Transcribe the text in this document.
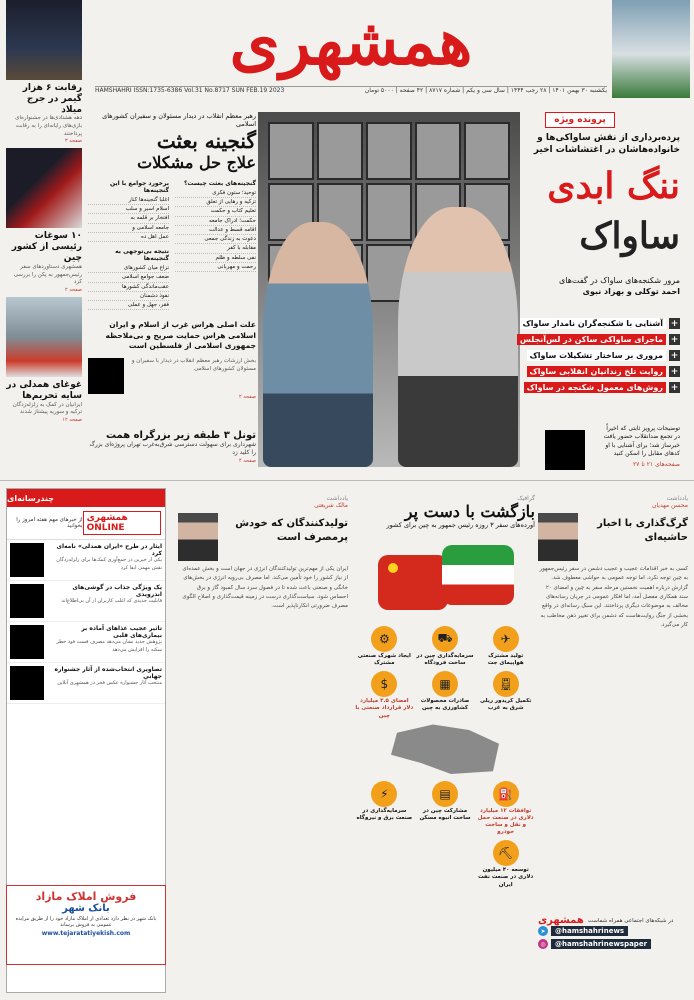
همشهری
HAMSHAHRI ISSN:1735-6386 Vol.31 No.8717 SUN FEB.19 2023	یکشنبه ۳۰ بهمن ۱۴۰۱ | ۲۸ رجب ۱۴۴۴ | سال سی و یکم | شماره ۸۷۱۷ | ۴۲ صفحه | ۵۰۰۰ تومان
رقابت ۶ هزار گیمر در جرج میلاد
دهه هشتادی‌ها در جشنواره‌ای بازی‌های رایانه‌ای را به رقابت پرداختند
صفحه ۳
۱۰ سوغات رئیسی از کشور چین
همشهری دستاوردهای سفر رئیس‌جمهور به پکن را بررسی کرد
صفحه ۲
غوغای همدلی در سایه تحریم‌ها
ایرانیان در کمک به زلزله‌زدگان ترکیه و سوریه پیشتاز شدند
صفحه ۱۲
پرونده ویژه
پرده‌برداری از نقش ساواکی‌ها و خانواده‌هاشان در اغتشاشات اخیر
ننگ ابدی
ساواک
مرور شکنجه‌های ساواک در گفت‌های
احمد توکلی و بهزاد نبوی
+
آشنایی با شکنجه‌گران نامدار ساواک
+
ماجرای ساواکی ساکن در لس‌آنجلس
+
مروری بر ساختار تشکیلات ساواک
+
روایت تلخ زندانیان انقلابی ساواک
+
روش‌های معمول شکنجه در ساواک
توضیحات پرویز ثابتی که اخیراً در تجمع ضدانقلاب حضور یافت خبرساز شد؛ برای آشنایی با او کدهای مقابل را اسکن کنید
صفحه‌های ۲۱ تا ۲۷
رهبر معظم انقلاب در دیدار مسئولان و سفیران کشورهای اسلامی
گنجینه بعثت
علاج حل مشکلات
گنجینه‌های بعثت چیست؟
توحید؛ ستون فکری
تزکیه و رهایی از تعلق
تعلیم کتاب و حکمت
حکمت؛ ادراک جامعه
اقامه قسط و عدالت
دعوت به زندگی جمعی
مقابله با کفر
نفی سلطه و ظلم
رحمت و مهربانی
برخورد جوامع با این گنجینه‌ها
اغلبا گنجینه‌ها کنار
اسلام اسیر و سلب
افتخار بر قلمه به
جامعه اسلامی و
عمل اهل ده
نتیجه بی‌توجهی به گنجینه‌ها
نزاع میان کشورهای
ضعف جوامع اسلامی
عقب‌ماندگی کشورها
نفوذ دشمنان
فقر، جهل و عملی
علت اصلی هراس غرب از اسلام و ایران اسلامی هراس حمایت صریح و بی‌ملاحظه جمهوری اسلامی از فلسطین است
بخش ارزشات رهبر معظم انقلاب در دیدار با سفیران و مسئولان کشورهای اسلامی
صفحه ۲
تونل ۳ طبقه زیر بزرگراه همت
شهرداری برای سهولت دسترسی شرق‌به‌غرب تهران پروژه‌ای بزرگ را کلید زد
صفحه ۴
یادداشت
محسن مهدیان
گرگ‌گذاری با اخبار حاشیه‌ای
کسی به خبر اقدامات عجیب و عجیب دشمن در سفر رئیس‌جمهور به چین توجه نکرد. اما توجه عمومی به حواشی معطوف شد. گزارش درباره اهمیت نخستین مرحله سفر به چین و امضای ۲۰ سند همکاری مفصل آمد، اما افکار عمومی در جریان رسانه‌های مخالف به موضوعات دیگری پرداختند. این سبک رسانه‌ای در واقع بخشی از جنگ روایت‌هاست که دشمن برای تغییر ذهن مخاطب به کار می‌گیرد.
یادداشت
مالک شریعتی
تولیدکنندگان که خودش پرمصرف است
ایران یکی از مهم‌ترین تولیدکنندگان انرژی در جهان است و بخش عمده‌ای از نیاز کشور را خود تأمین می‌کند. اما مصرف بی‌رویه انرژی در بخش‌های خانگی و صنعتی باعث شده تا در فصول سرد سال کمبود گاز و برق احساس شود. سیاست‌گذاری درست در زمینه قیمت‌گذاری و اصلاح الگوی مصرف ضرورتی انکارناپذیر است.
گرافیک
بازگشت با دست پر
آورده‌های سفر ۳ روزه رئیس جمهور به چین برای کشور
✈
تولید مشترک هواپیمای جت
⛟
سرمایه‌گذاری چین در ساخت فرودگاه
⚙
ایجاد شهرک صنعتی مشترک
🚆︎
تکمیل کریدور ریلی شرق به غرب
▦
صادرات محصولات کشاورزی به چین
$
امضای ۳.۵ میلیارد دلار قرارداد صنعتی با چین
⛽
توافقات ۱۲ میلیارد دلاری در صنعت حمل و نقل و ساخت خودرو
▤
مشارکت چین در ساخت انبوه مسکن
⚡
سرمایه‌گذاری در صنعت برق و نیروگاه
⛏
توسعه ۴۰ میلیون دلاری در صنعت نفت ایران
چندرسانه‌ای
همشهری ONLINE
از خبرهای مهم هفته امروز را بخوانید
ایثار در طرح «ایران همدلی» نامه‌ای کرد
یکی از خیرین در جمع‌آوری کمک‌ها برای زلزله‌زدگان نقش مهمی ایفا کرد
یک ویژگی جذاب در گوشی‌های اندرویدی
قابلیت جدیدی که اغلب کاربران از آن بی‌اطلاع‌اند
تاثیر عجیب غذاهای آماده بر بیماری‌های قلبی
پژوهش جدید نشان می‌دهد مصرف فست فود خطر سکته را افزایش می‌دهد
تصاویری انتخاب‌شده از آثار جشنواره جهانی
منتخب آثار جشنواره عکس فجر در همشهری آنلاین
فروش املاک مازاد
بانک شهر
بانک شهر در نظر دارد تعدادی از املاک مازاد خود را از طریق مزایده عمومی به فروش برساند
www.tejaratatiyekish.com
در شبکه‌های اجتماعی همراه شماست
همشهری
➤	@hamshahrinews
◎	@hamshahrinewspaper
